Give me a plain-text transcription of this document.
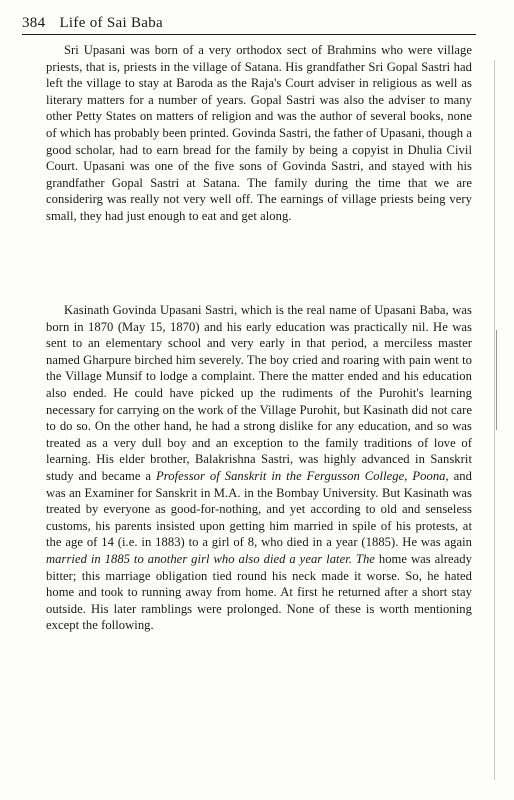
384 Life of Sai Baba

Sri Upasani was born of a very orthodox sect of Brahmins who were village priests, that is, priests in the village of Satana. His grandfather Sri Gopal Sastri had left the village to stay at Baroda as the Raja's Court adviser in religious as well as literary matters for a number of years. Gopal Sastri was also the adviser to many other Petty States on matters of religion and was the author of several books, none of which has probably been printed. Govinda Sastri, the father of Upasani, though a good scholar, had to earn bread for the family by being a copyist in Dhulia Civil Court. Upasani was one of the five sons of Govinda Sastri, and stayed with his grandfather Gopal Sastri at Satana. The family during the time that we are considerirg was really not very well off. The earnings of village priests being very small, they had just enough to eat and get along.

Kasinath Govinda Upasani Sastri, which is the real name of Upasani Baba, was born in 1870 (May 15, 1870) and his early education was practically nil. He was sent to an elementary school and very early in that period, a merciless master named Gharpure birched him severely. The boy cried and roaring with pain went to the Village Munsif to lodge a complaint. There the matter ended and his education also ended. He could have picked up the rudiments of the Purohit's learning necessary for carrying on the work of the Village Purohit, but Kasinath did not care to do so. On the other hand, he had a strong dislike for any education, and so was treated as a very dull boy and an exception to the family traditions of love of learning. His elder brother, Balakrishna Sastri, was highly advanced in Sanskrit study and became a Professor of Sanskrit in the Fergusson College, Poona, and was an Examiner for Sanskrit in M.A. in the Bombay University. But Kasinath was treated by everyone as good-for-nothing, and yet according to old and senseless customs, his parents insisted upon getting him married in spile of his protests, at the age of 14 (i.e. in 1883) to a girl of 8, who died in a year (1885). He was again married in 1885 to another girl who also died a year later. The home was already bitter; this marriage obligation tied round his neck made it worse. So, he hated home and took to running away from home. At first he returned after a short stay outside. His later ramblings were prolonged. None of these is worth mentioning except the following.
